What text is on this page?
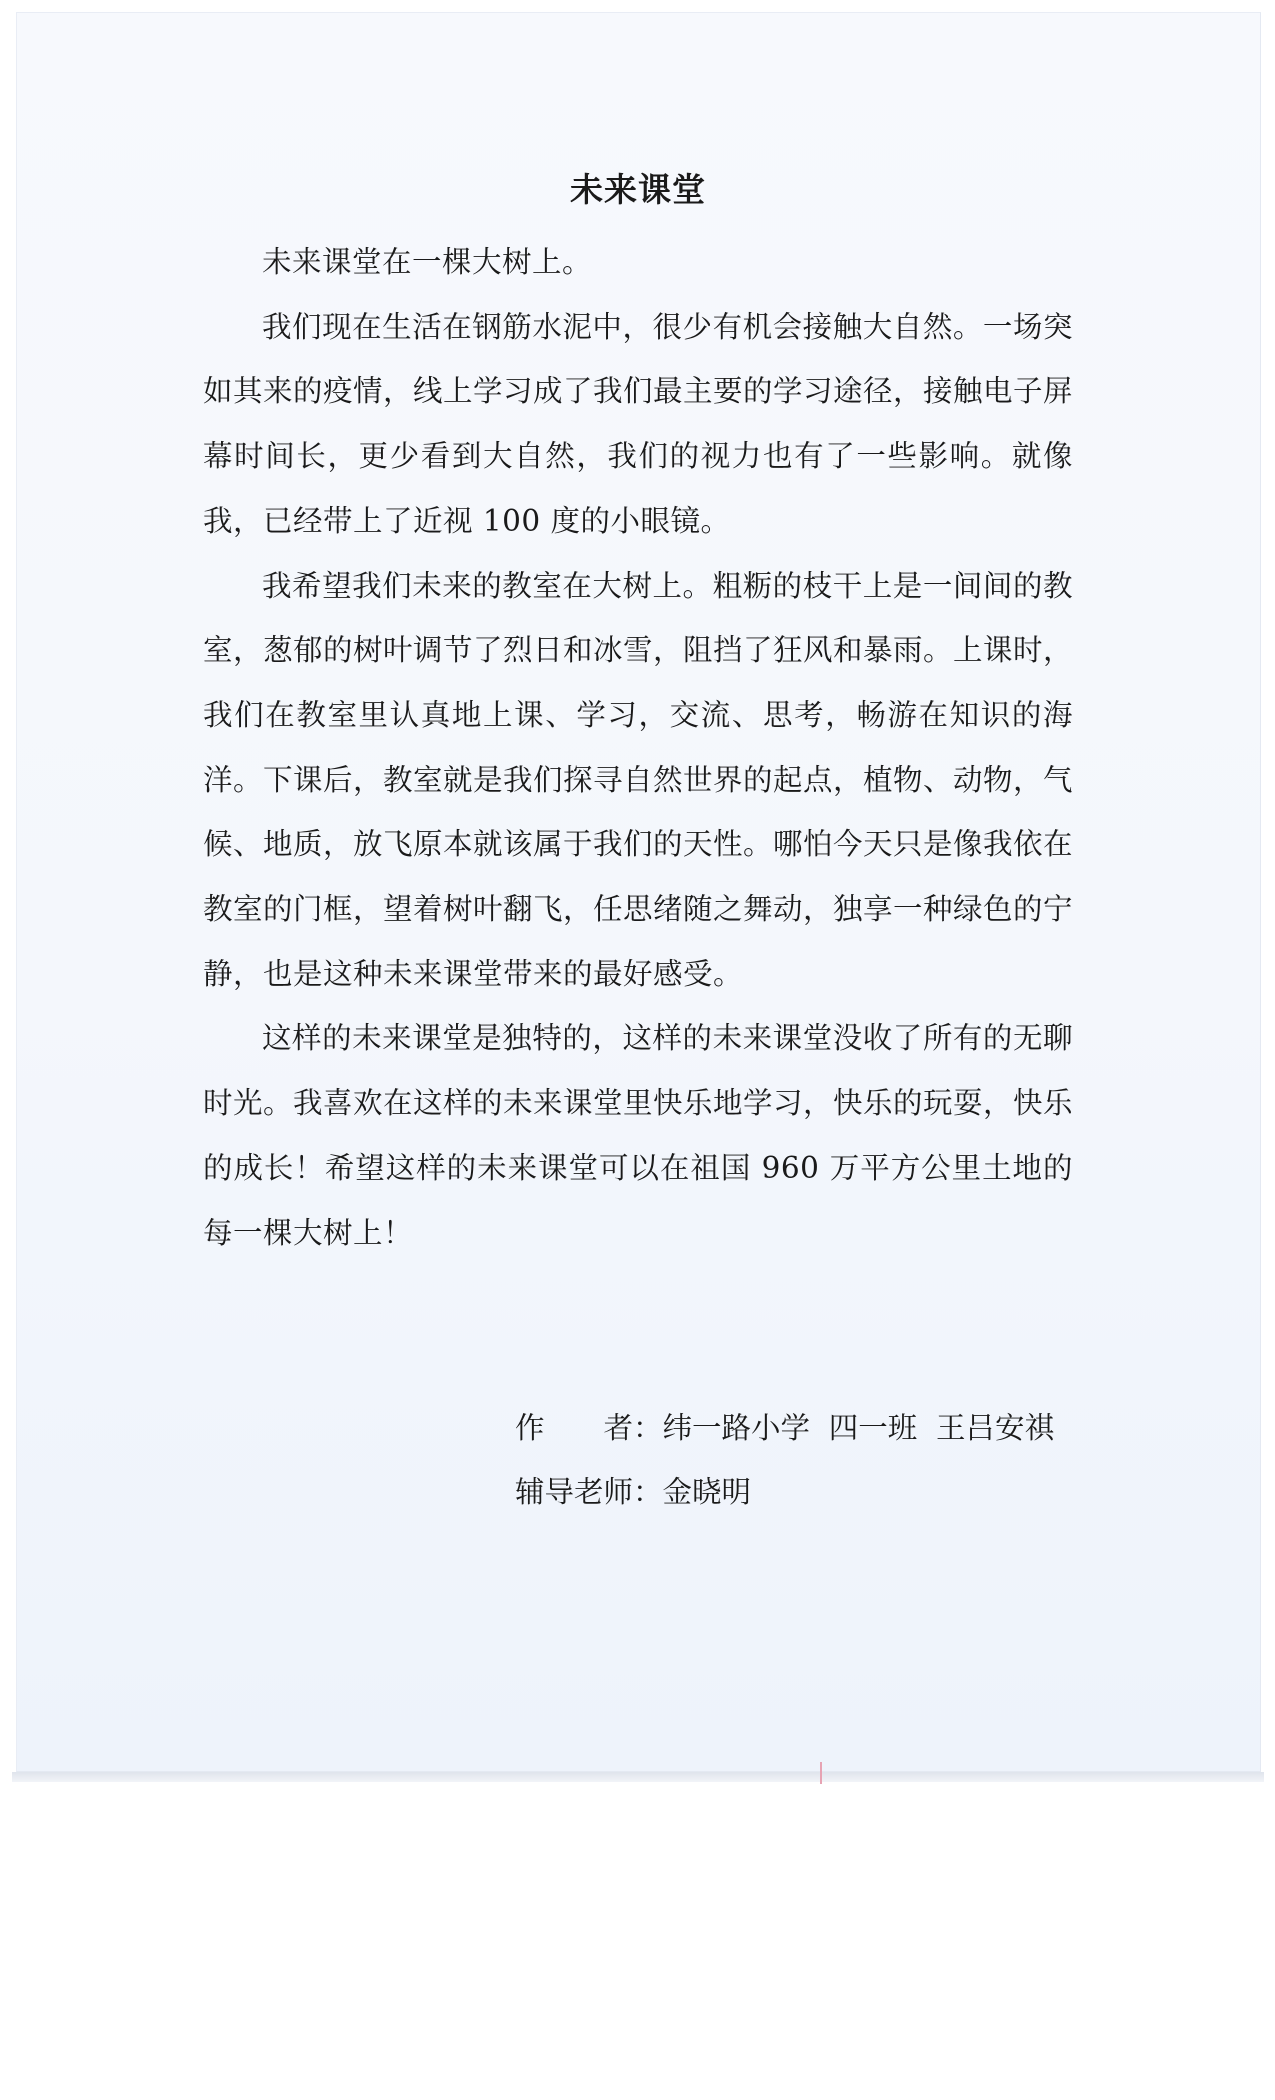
未来课堂

未来课堂在一棵大树上。

我们现在生活在钢筋水泥中，很少有机会接触大自然。一场突如其来的疫情，线上学习成了我们最主要的学习途径，接触电子屏幕时间长，更少看到大自然，我们的视力也有了一些影响。就像我，已经带上了近视 100 度的小眼镜。

我希望我们未来的教室在大树上。粗粝的枝干上是一间间的教室，葱郁的树叶调节了烈日和冰雪，阻挡了狂风和暴雨。上课时，我们在教室里认真地上课、学习，交流、思考，畅游在知识的海洋。下课后，教室就是我们探寻自然世界的起点，植物、动物，气候、地质，放飞原本就该属于我们的天性。哪怕今天只是像我依在教室的门框，望着树叶翻飞，任思绪随之舞动，独享一种绿色的宁静，也是这种未来课堂带来的最好感受。

这样的未来课堂是独特的，这样的未来课堂没收了所有的无聊时光。我喜欢在这样的未来课堂里快乐地学习，快乐的玩耍，快乐的成长！希望这样的未来课堂可以在祖国 960 万平方公里土地的每一棵大树上！

作　　者：纬一路小学  四一班  王吕安祺
辅导老师：金晓明
